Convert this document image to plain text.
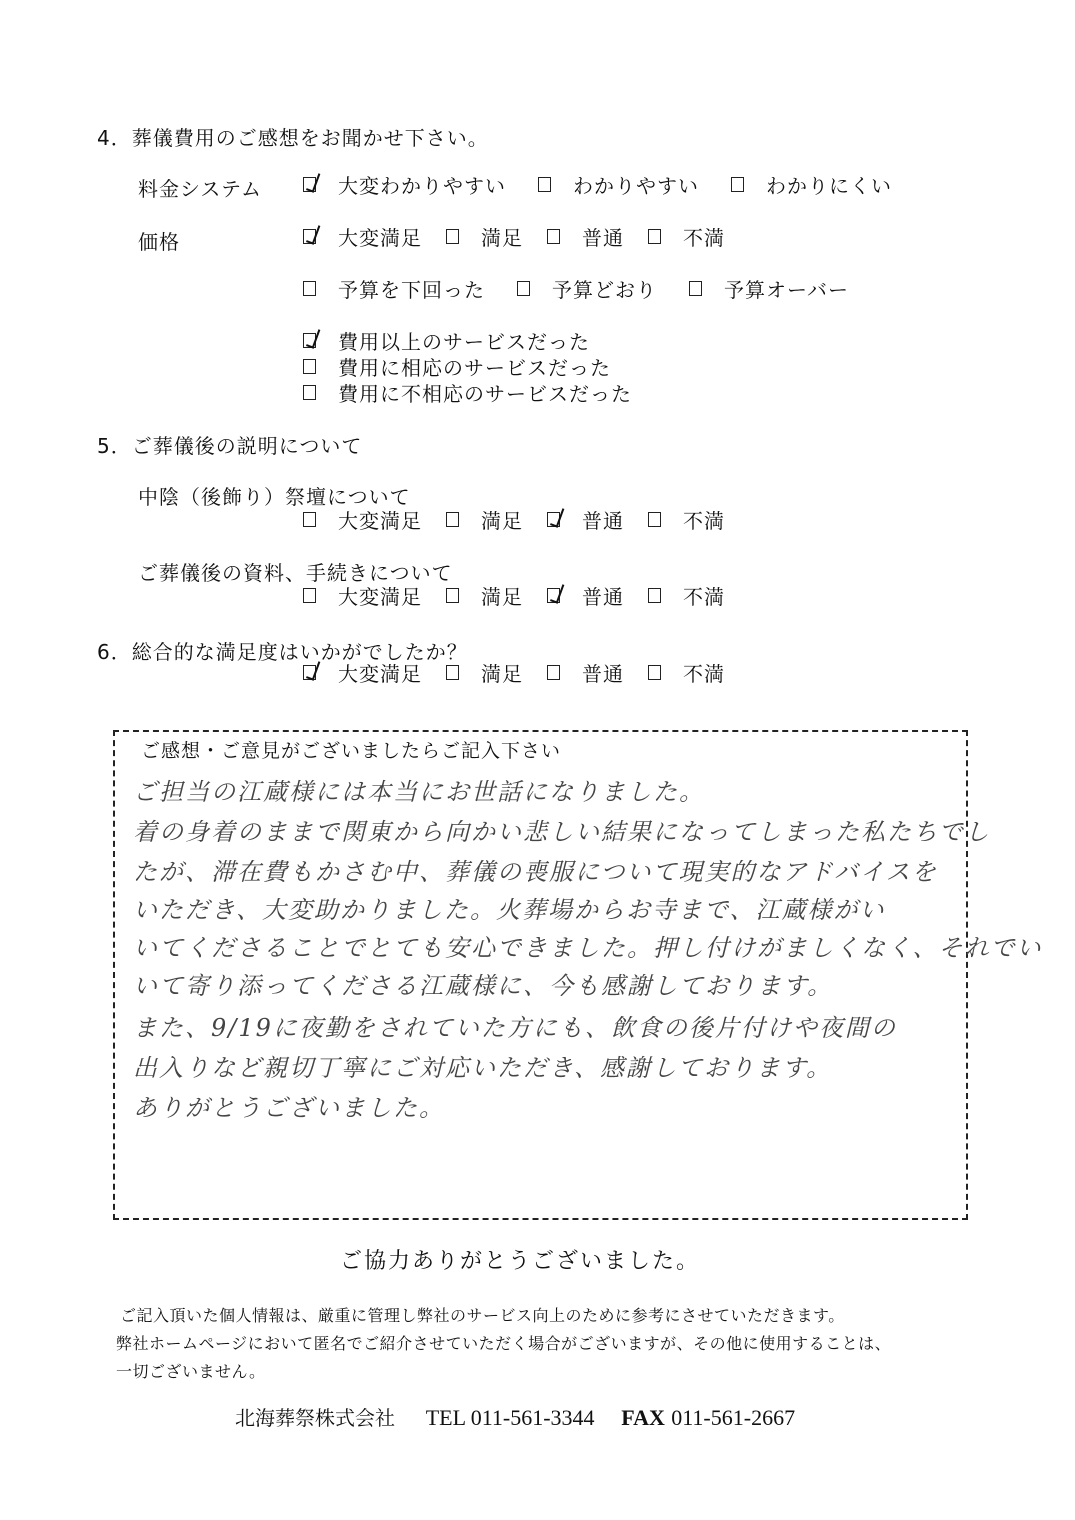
4．葬儀費用のご感想をお聞かせ下さい。
料金システム	大変わかりやすい	わかりやすい	わかりにくい
価格	大変満足	満足	普通	不満
予算を下回った	予算どおり	予算オーバー
費用以上のサービスだった
費用に相応のサービスだった
費用に不相応のサービスだった
5．ご葬儀後の説明について
中陰（後飾り）祭壇について
大変満足	満足	普通	不満
ご葬儀後の資料、手続きについて
大変満足	満足	普通	不満
6．総合的な満足度はいかがでしたか？
大変満足	満足	普通	不満
ご感想・ご意見がございましたらご記入下さい
ご担当の江蔵様には本当にお世話になりました。
着の身着のままで関東から向かい悲しい結果になってしまった私たちでし
たが、滞在費もかさむ中、葬儀の喪服について現実的なアドバイスを
いただき、大変助かりました。火葬場からお寺まで、江蔵様がい
いてくださることでとても安心できました。押し付けがましくなく、それでい
いて寄り添ってくださる江蔵様に、今も感謝しております。
また、9/19に夜勤をされていた方にも、飲食の後片付けや夜間の
出入りなど親切丁寧にご対応いただき、感謝しております。
ありがとうございました。
ご協力ありがとうございました。
ご記入頂いた個人情報は、厳重に管理し弊社のサービス向上のために参考にさせていただきます。
弊社ホームページにおいて匿名でご紹介させていただく場合がございますが、その他に使用することは、
一切ございません。
北海葬祭株式会社 TEL 011-561-3344 FAX 011-561-2667
